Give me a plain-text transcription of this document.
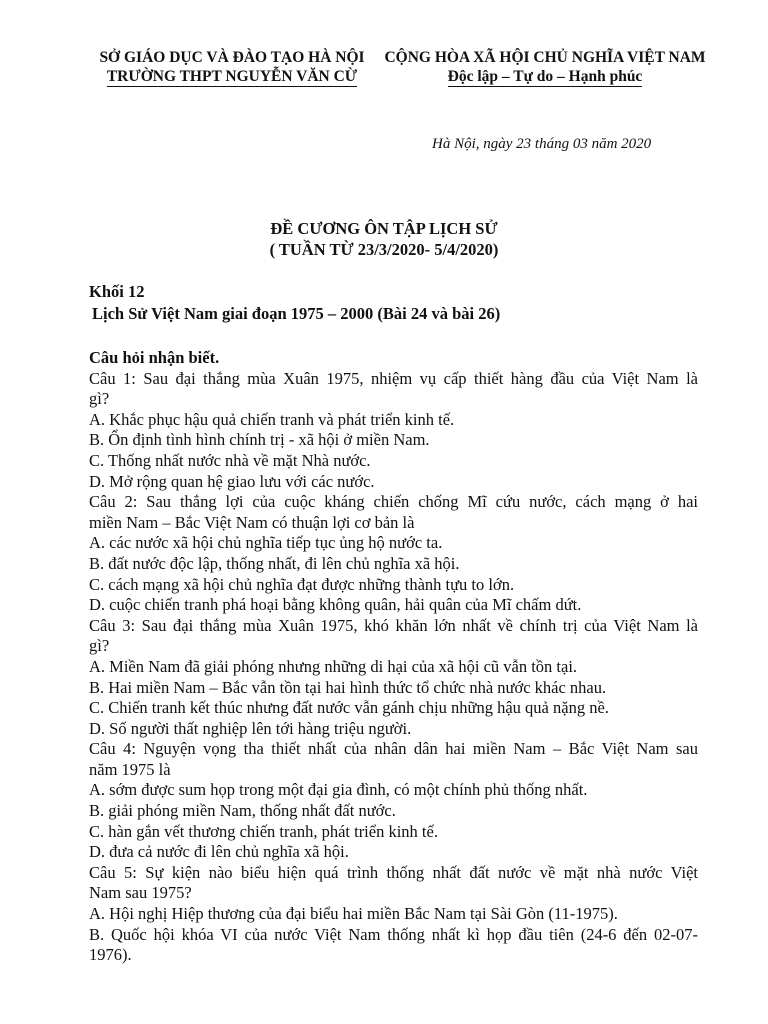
SỞ GIÁO DỤC VÀ ĐÀO TẠO HÀ NỘI
TRƯỜNG THPT NGUYỄN VĂN CỪ
CỘNG HÒA XÃ HỘI CHỦ NGHĨA VIỆT NAM
Độc lập – Tự do – Hạnh phúc
Hà Nội, ngày 23 tháng 03 năm 2020
ĐỀ CƯƠNG ÔN TẬP LỊCH SỬ
( TUẦN TỪ 23/3/2020- 5/4/2020)
Khối 12
Lịch Sử Việt Nam giai đoạn 1975 – 2000 (Bài 24 và bài 26)
Câu hỏi nhận biết.
Câu 1: Sau đại thắng mùa Xuân 1975, nhiệm vụ cấp thiết hàng đầu của Việt Nam là
gì?
A. Khắc phục hậu quả chiến tranh và phát triển kinh tế.
B. Ổn định tình hình chính trị - xã hội ở miền Nam.
C. Thống nhất nước nhà về mặt Nhà nước.
D. Mở rộng quan hệ giao lưu với các nước.
Câu 2: Sau thắng lợi của cuộc kháng chiến chống Mĩ cứu nước, cách mạng ở hai
miền Nam – Bắc Việt Nam có thuận lợi cơ bản là
A. các nước xã hội chủ nghĩa tiếp tục ủng hộ nước ta.
B. đất nước độc lập, thống nhất, đi lên chủ nghĩa xã hội.
C. cách mạng xã hội chủ nghĩa đạt được những thành tựu to lớn.
D. cuộc chiến tranh phá hoại bằng không quân, hải quân của Mĩ chấm dứt.
Câu 3: Sau đại thắng mùa Xuân 1975, khó khăn lớn nhất về chính trị của Việt Nam là
gì?
A. Miền Nam đã giải phóng nhưng những di hại của xã hội cũ vẫn tồn tại.
B. Hai miền Nam – Bắc vẫn tồn tại hai hình thức tổ chức nhà nước khác nhau.
C. Chiến tranh kết thúc nhưng đất nước vẫn gánh chịu những hậu quả nặng nề.
D. Số người thất nghiệp lên tới hàng triệu người.
Câu 4: Nguyện vọng tha thiết nhất của nhân dân hai miền Nam – Bắc Việt Nam sau
năm 1975 là
A. sớm được sum họp trong một đại gia đình, có một chính phủ thống nhất.
B. giải phóng miền Nam, thống nhất đất nước.
C. hàn gắn vết thương chiến tranh, phát triển kinh tế.
D. đưa cả nước đi lên chủ nghĩa xã hội.
Câu 5: Sự kiện nào biểu hiện quá trình thống nhất đất nước về mặt nhà nước Việt
Nam sau 1975?
A. Hội nghị Hiệp thương của đại biểu hai miền Bắc Nam tại Sài Gòn (11-1975).
B. Quốc hội khóa VI của nước Việt Nam thống nhất kì họp đầu tiên (24-6 đến 02-07-
1976).
